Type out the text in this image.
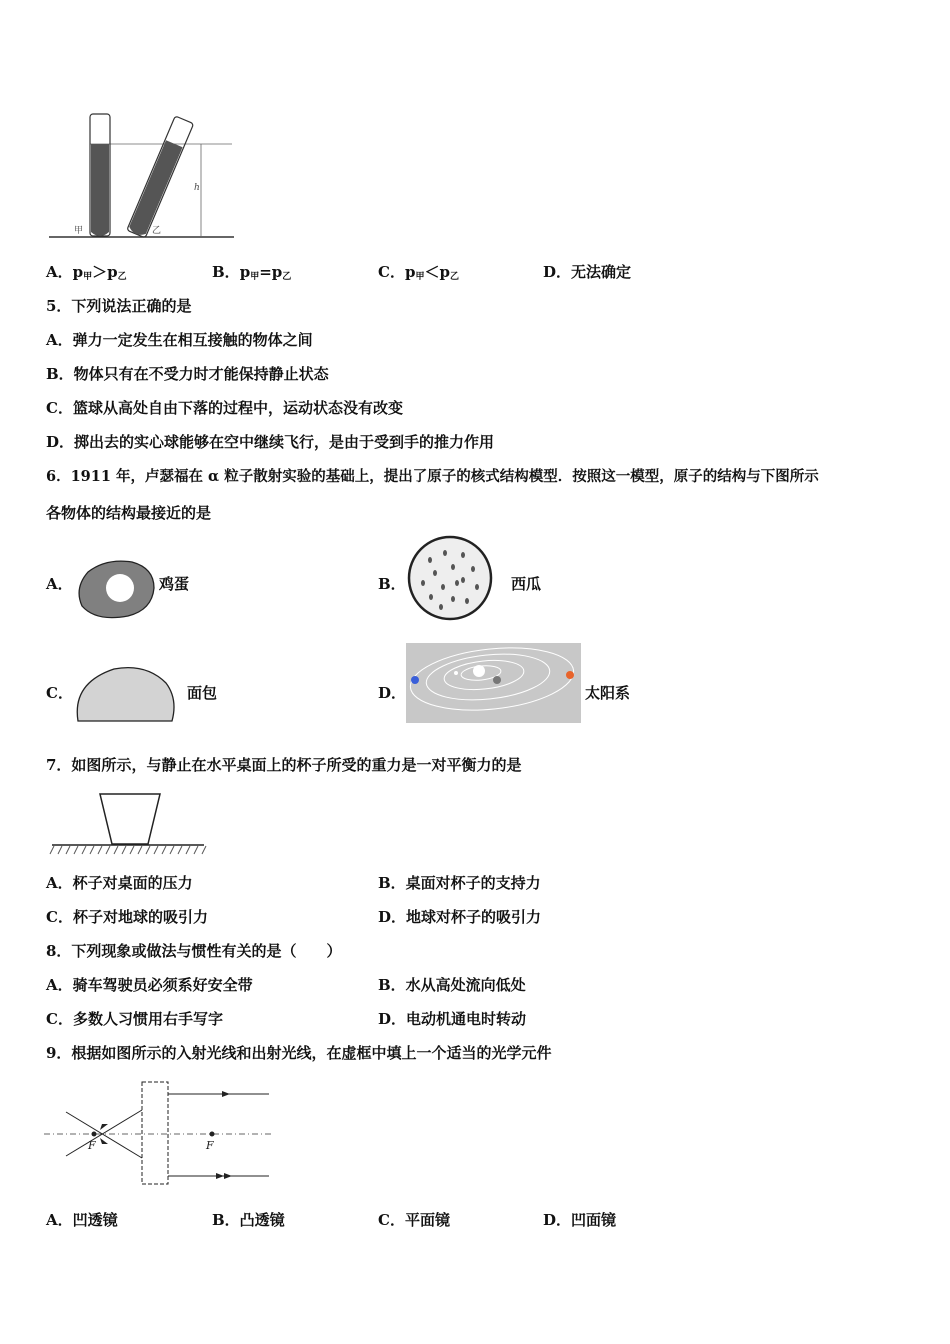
甲	乙
h
A．$p_甲>p_乙$	B．$p_甲=p_乙$	C．$p_甲<p_乙$	D．无法确定
5．下列说法正确的是
A．弹力一定发生在相互接触的物体之间
B．物体只有在不受力时才能保持静止状态
C．篮球从高处自由下落的过程中，运动状态没有改变
D．掷出去的实心球能够在空中继续飞行，是由于受到手的推力作用
6．1911 年，卢瑟福在 α 粒子散射实验的基础上，提出了原子的核式结构模型．按照这一模型，原子的结构与下图所示
各物体的结构最接近的是
A．	鸡蛋	B．	西瓜
C．	面包	D．	太阳系
7．如图所示，与静止在水平桌面上的杯子所受的重力是一对平衡力的是
A．杯子对桌面的压力	B．桌面对杯子的支持力
C．杯子对地球的吸引力	D．地球对杯子的吸引力
8．下列现象或做法与惯性有关的是（　　）
A．骑车驾驶员必须系好安全带	B．水从高处流向低处
C．多数人习惯用右手写字	D．电动机通电时转动
9．根据如图所示的入射光线和出射光线，在虚框中填上一个适当的光学元件
F	F
A．凹透镜	B．凸透镜	C．平面镜	D．凹面镜
